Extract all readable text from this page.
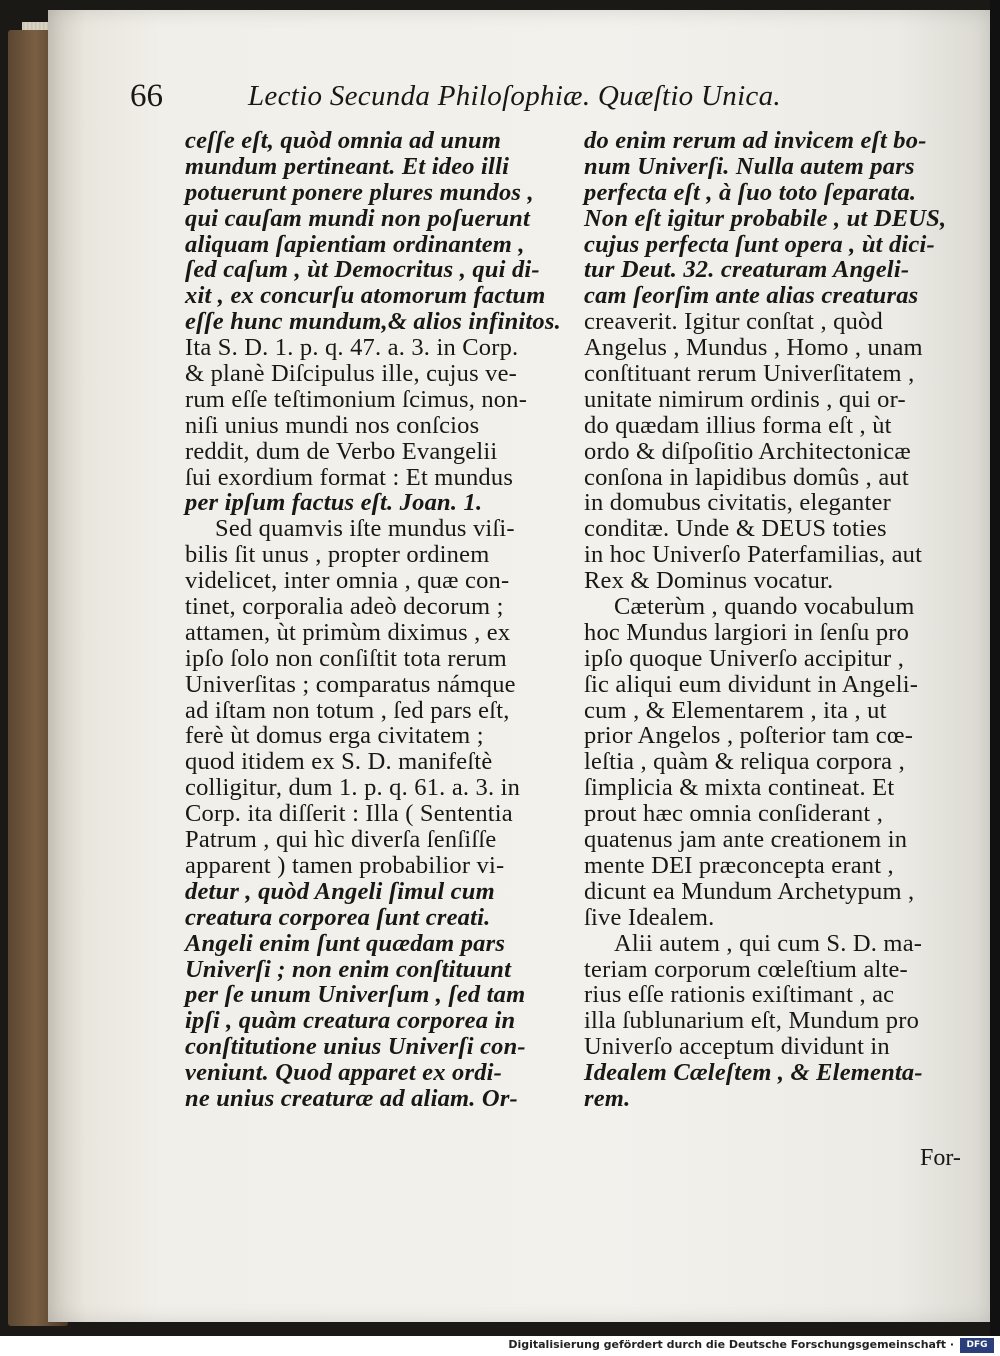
66	Lectio Secunda Philoſophiæ. Quæſtio Unica.
ceſſe eſt, quòd omnia ad unum
mundum pertineant. Et ideo illi
potuerunt ponere plures mundos ,
qui cauſam mundi non poſuerunt
aliquam ſapientiam ordinantem ,
ſed caſum , ùt Democritus , qui di-
xit , ex concurſu atomorum factum
eſſe hunc mundum,& alios infinitos.
Ita S. D. 1. p. q. 47. a. 3. in Corp.
& planè Diſcipulus ille, cujus ve-
rum eſſe teſtimonium ſcimus, non-
niſi unius mundi nos conſcios
reddit, dum de Verbo Evangelii
ſui exordium format : Et mundus
per ipſum factus eſt. Joan. 1.
Sed quamvis iſte mundus viſi-
bilis ſit unus , propter ordinem
videlicet, inter omnia , quæ con-
tinet, corporalia adeò decorum ;
attamen, ùt primùm diximus , ex
ipſo ſolo non conſiſtit tota rerum
Univerſitas ; comparatus námque
ad iſtam non totum , ſed pars eſt,
ferè ùt domus erga civitatem ;
quod itidem ex S. D. manifeſtè
colligitur, dum 1. p. q. 61. a. 3. in
Corp. ita diſſerit : Illa ( Sententia
Patrum , qui hìc diverſa ſenſiſſe
apparent ) tamen probabilior vi-
detur , quòd Angeli ſimul cum
creatura corporea ſunt creati.
Angeli enim ſunt quædam pars
Univerſi ; non enim conſtituunt
per ſe unum Univerſum , ſed tam
ipſi , quàm creatura corporea in
conſtitutione unius Univerſi con-
veniunt. Quod apparet ex ordi-
ne unius creaturæ ad aliam. Or-
do enim rerum ad invicem eſt bo-
num Univerſi. Nulla autem pars
perfecta eſt , à ſuo toto ſeparata.
Non eſt igitur probabile , ut DEUS,
cujus perfecta ſunt opera , ùt dici-
tur Deut. 32. creaturam Angeli-
cam ſeorſim ante alias creaturas
creaverit. Igitur conſtat , quòd
Angelus , Mundus , Homo , unam
conſtituant rerum Univerſitatem ,
unitate nimirum ordinis , qui or-
do quædam illius forma eſt , ùt
ordo & diſpoſitio Architectonicæ
conſona in lapidibus domûs , aut
in domubus civitatis, eleganter
conditæ. Unde & DEUS toties
in hoc Univerſo Paterfamilias, aut
Rex & Dominus vocatur.
Cæterùm , quando vocabulum
hoc Mundus largiori in ſenſu pro
ipſo quoque Univerſo accipitur ,
ſic aliqui eum dividunt in Angeli-
cum , & Elementarem , ita , ut
prior Angelos , poſterior tam cœ-
leſtia , quàm & reliqua corpora ,
ſimplicia & mixta contineat. Et
prout hæc omnia conſiderant ,
quatenus jam ante creationem in
mente DEI præconcepta erant ,
dicunt ea Mundum Archetypum ,
ſive Idealem.
Alii autem , qui cum S. D. ma-
teriam corporum cœleſtium alte-
rius eſſe rationis exiſtimant , ac
illa ſublunarium eſt, Mundum pro
Univerſo acceptum dividunt in
Idealem Cæleſtem , & Elementa-
rem.
For-
Digitalisierung gefördert durch die Deutsche Forschungsgemeinschaft ·	DFG
